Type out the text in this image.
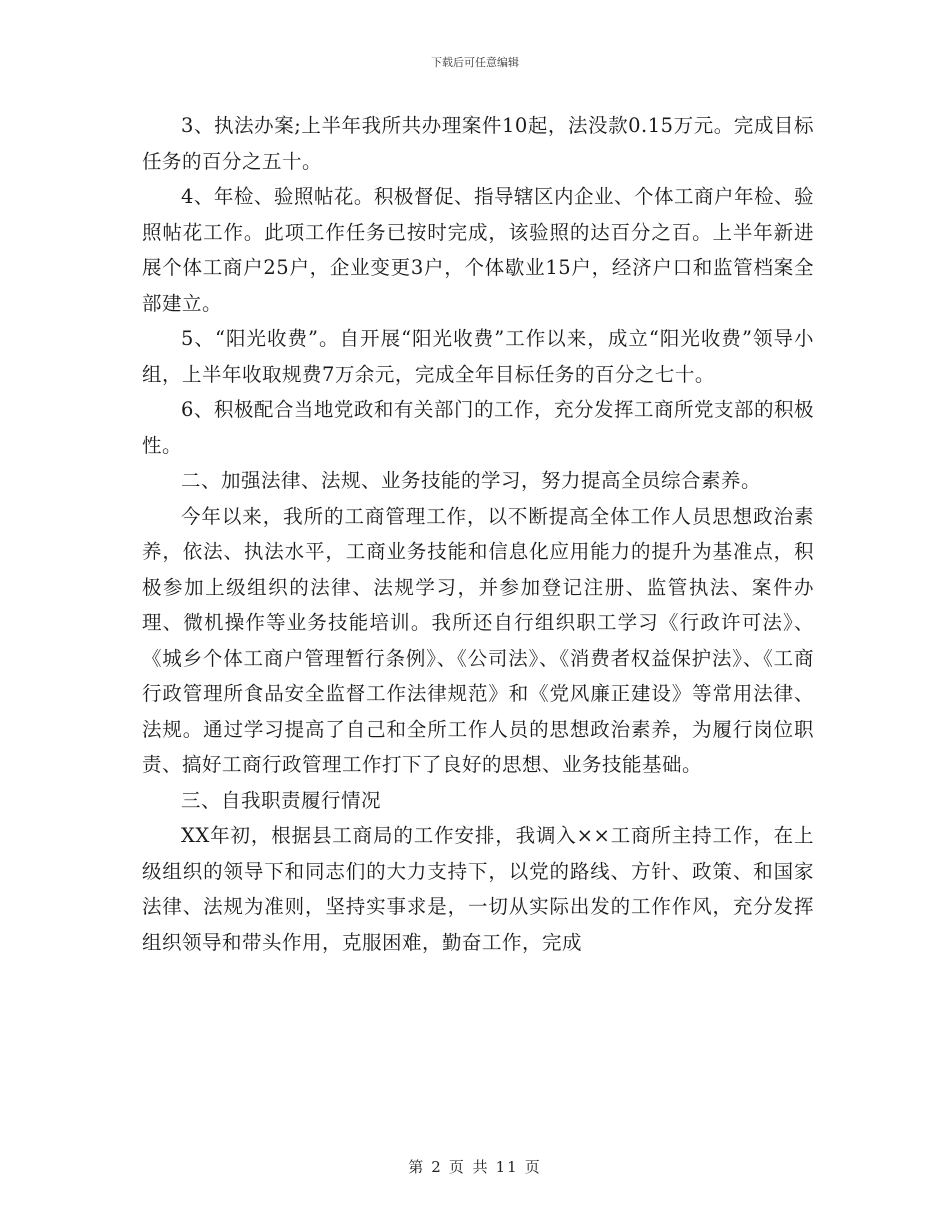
下载后可任意编辑

3、执法办案;上半年我所共办理案件10起，法没款0.15万元。完成目标任务的百分之五十。

4、年检、验照帖花。积极督促、指导辖区内企业、个体工商户年检、验照帖花工作。此项工作任务已按时完成，该验照的达百分之百。上半年新进展个体工商户25户，企业变更3户，个体歇业15户，经济户口和监管档案全部建立。

5、“阳光收费”。自开展“阳光收费”工作以来，成立“阳光收费”领导小组，上半年收取规费7万余元，完成全年目标任务的百分之七十。

6、积极配合当地党政和有关部门的工作，充分发挥工商所党支部的积极性。

二、加强法律、法规、业务技能的学习，努力提高全员综合素养。

今年以来，我所的工商管理工作，以不断提高全体工作人员思想政治素养，依法、执法水平，工商业务技能和信息化应用能力的提升为基准点，积极参加上级组织的法律、法规学习，并参加登记注册、监管执法、案件办理、微机操作等业务技能培训。我所还自行组织职工学习《行政许可法》、《城乡个体工商户管理暂行条例》、《公司法》、《消费者权益保护法》、《工商行政管理所食品安全监督工作法律规范》和《党风廉正建设》等常用法律、法规。通过学习提高了自己和全所工作人员的思想政治素养，为履行岗位职责、搞好工商行政管理工作打下了良好的思想、业务技能基础。

三、自我职责履行情况

XX年初，根据县工商局的工作安排，我调入××工商所主持工作，在上级组织的领导下和同志们的大力支持下，以党的路线、方针、政策、和国家法律、法规为准则，坚持实事求是，一切从实际出发的工作作风，充分发挥组织领导和带头作用，克服困难，勤奋工作，完成

第 2 页 共 11 页
